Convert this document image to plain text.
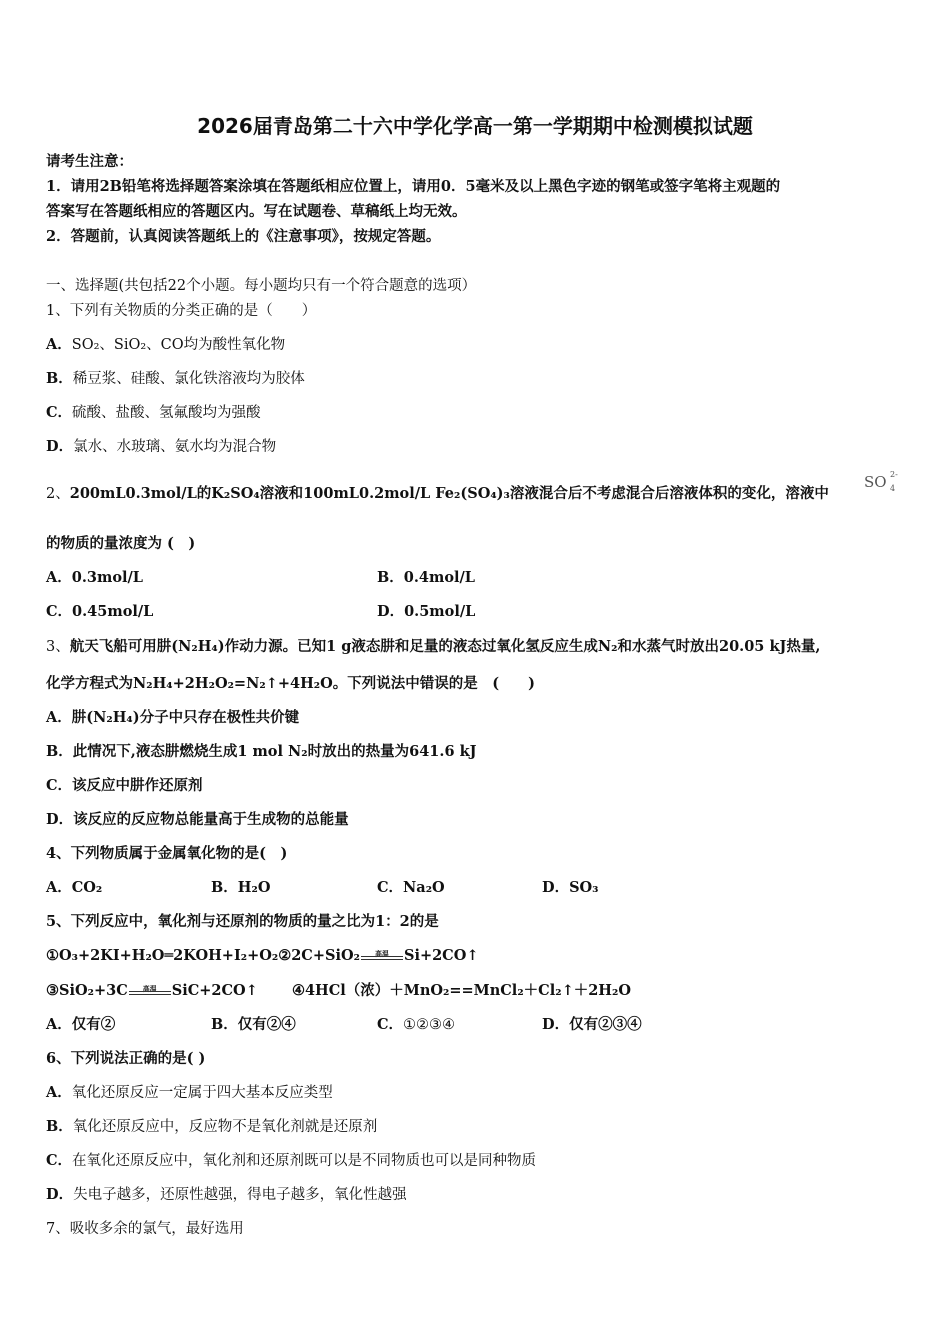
2026届青岛第二十六中学化学高一第一学期期中检测模拟试题
请考生注意：
1．请用2B铅笔将选择题答案涂填在答题纸相应位置上，请用0．5毫米及以上黑色字迹的钢笔或签字笔将主观题的
答案写在答题纸相应的答题区内。写在试题卷、草稿纸上均无效。
2．答题前，认真阅读答题纸上的《注意事项》，按规定答题。
一、选择题(共包括22个小题。每小题均只有一个符合题意的选项）
1、下列有关物质的分类正确的是（　　）
A．SO₂、SiO₂、CO均为酸性氧化物
B．稀豆浆、硅酸、氯化铁溶液均为胶体
C．硫酸、盐酸、氢氟酸均为强酸
D．氯水、水玻璃、氨水均为混合物
2、200mL0.3mol/L的K₂SO₄溶液和100mL0.2mol/L Fe₂(SO₄)₃溶液混合后不考虑混合后溶液体积的变化，溶液中
SO 2-
4
的物质的量浓度为 (　)
A．0.3mol/L	B．0.4mol/L
C．0.45mol/L	D．0.5mol/L
3、航天飞船可用肼(N₂H₄)作动力源。已知1 g液态肼和足量的液态过氧化氢反应生成N₂和水蒸气时放出20.05 kJ热量,
化学方程式为N₂H₄+2H₂O₂=N₂↑+4H₂O。下列说法中错误的是　(　　)
A．肼(N₂H₄)分子中只存在极性共价键
B．此情况下,液态肼燃烧生成1 mol N₂时放出的热量为641.6 kJ
C．该反应中肼作还原剂
D．该反应的反应物总能量高于生成物的总能量
4、下列物质属于金属氧化物的是(　)
A．CO₂	B．H₂O	C．Na₂O	D．SO₃
5、下列反应中，氧化剂与还原剂的物质的量之比为1：2的是
①O₃+2KI+H₂O═2KOH+I₂+O₂②2C+SiO₂	高温	Si+2CO↑
③SiO₂+3C	高温	SiC+2CO↑ ④4HCl（浓）＋MnO₂==MnCl₂＋Cl₂↑＋2H₂O
A．仅有②	B．仅有②④	C．①②③④	D．仅有②③④
6、下列说法正确的是( )
A．氧化还原反应一定属于四大基本反应类型
B．氧化还原反应中，反应物不是氧化剂就是还原剂
C．在氧化还原反应中，氧化剂和还原剂既可以是不同物质也可以是同种物质
D．失电子越多，还原性越强，得电子越多，氧化性越强
7、吸收多余的氯气，最好选用
